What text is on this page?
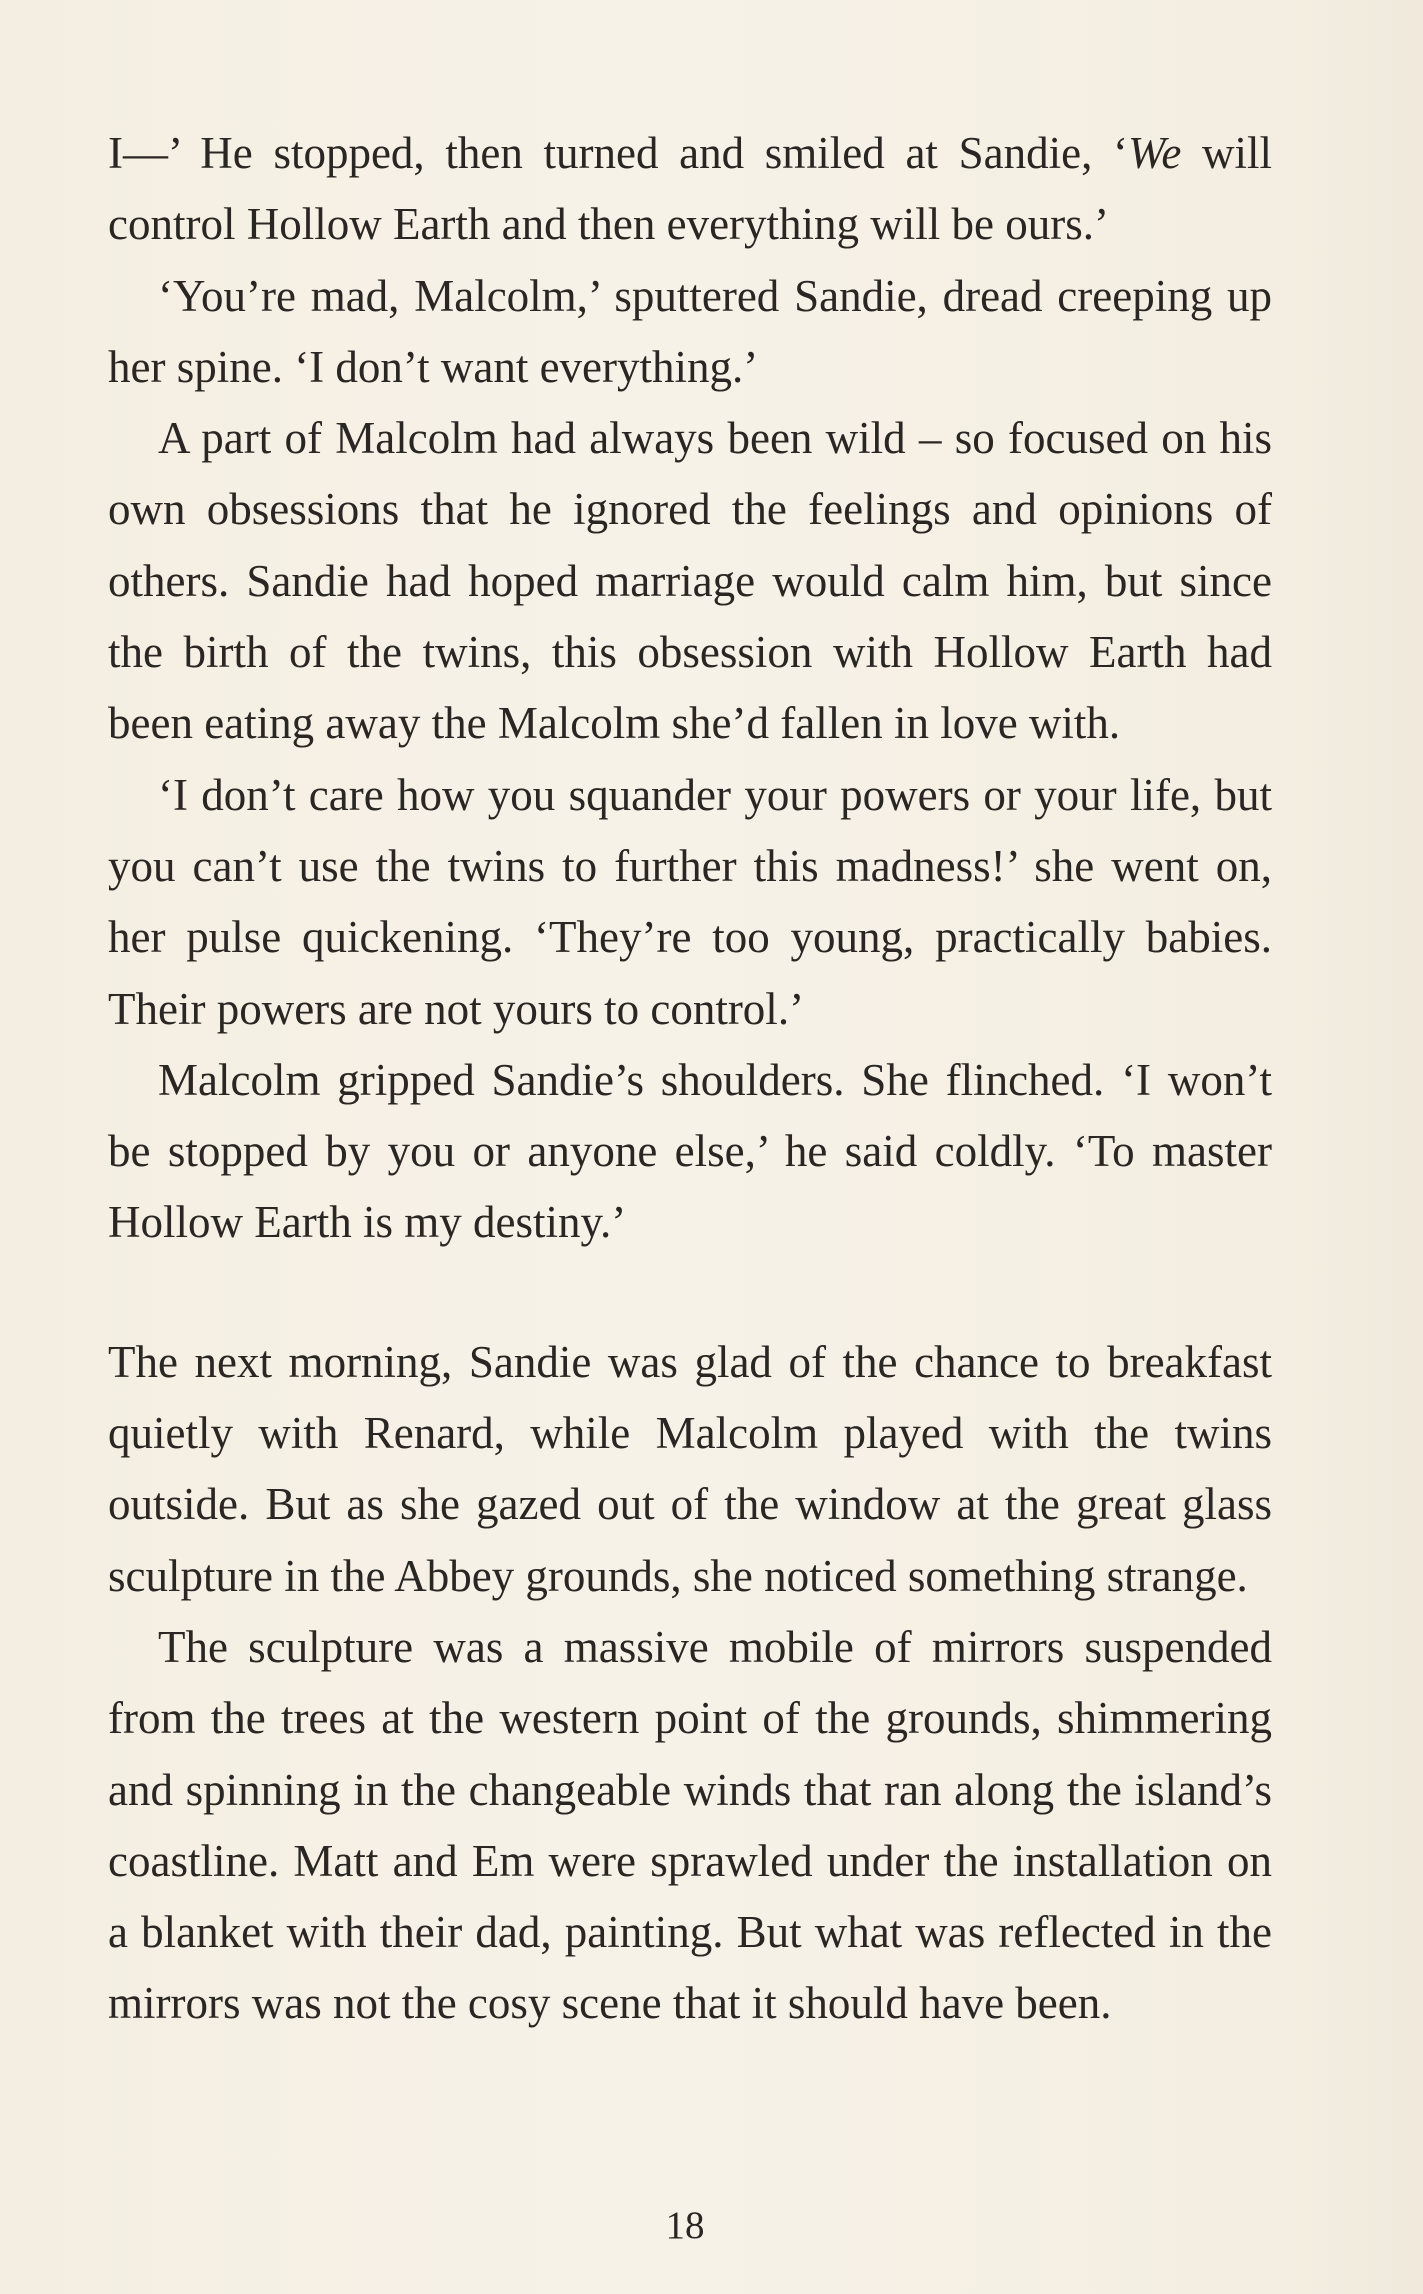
I—’ He stopped, then turned and smiled at Sandie, ‘We will control Hollow Earth and then everything will be ours.’

‘You’re mad, Malcolm,’ sputtered Sandie, dread creeping up her spine. ‘I don’t want everything.’

A part of Malcolm had always been wild – so focused on his own obsessions that he ignored the feelings and opinions of others. Sandie had hoped marriage would calm him, but since the birth of the twins, this obsession with Hollow Earth had been eating away the Malcolm she’d fallen in love with.

‘I don’t care how you squander your powers or your life, but you can’t use the twins to further this madness!’ she went on, her pulse quickening. ‘They’re too young, practically babies. Their powers are not yours to control.’

Malcolm gripped Sandie’s shoulders. She flinched. ‘I won’t be stopped by you or anyone else,’ he said coldly. ‘To master Hollow Earth is my destiny.’

The next morning, Sandie was glad of the chance to breakfast quietly with Renard, while Malcolm played with the twins outside. But as she gazed out of the window at the great glass sculpture in the Abbey grounds, she noticed something strange.

The sculpture was a massive mobile of mirrors suspended from the trees at the western point of the grounds, shimmering and spinning in the changeable winds that ran along the island’s coastline. Matt and Em were sprawled under the installation on a blanket with their dad, painting. But what was reflected in the mirrors was not the cosy scene that it should have been.

18
